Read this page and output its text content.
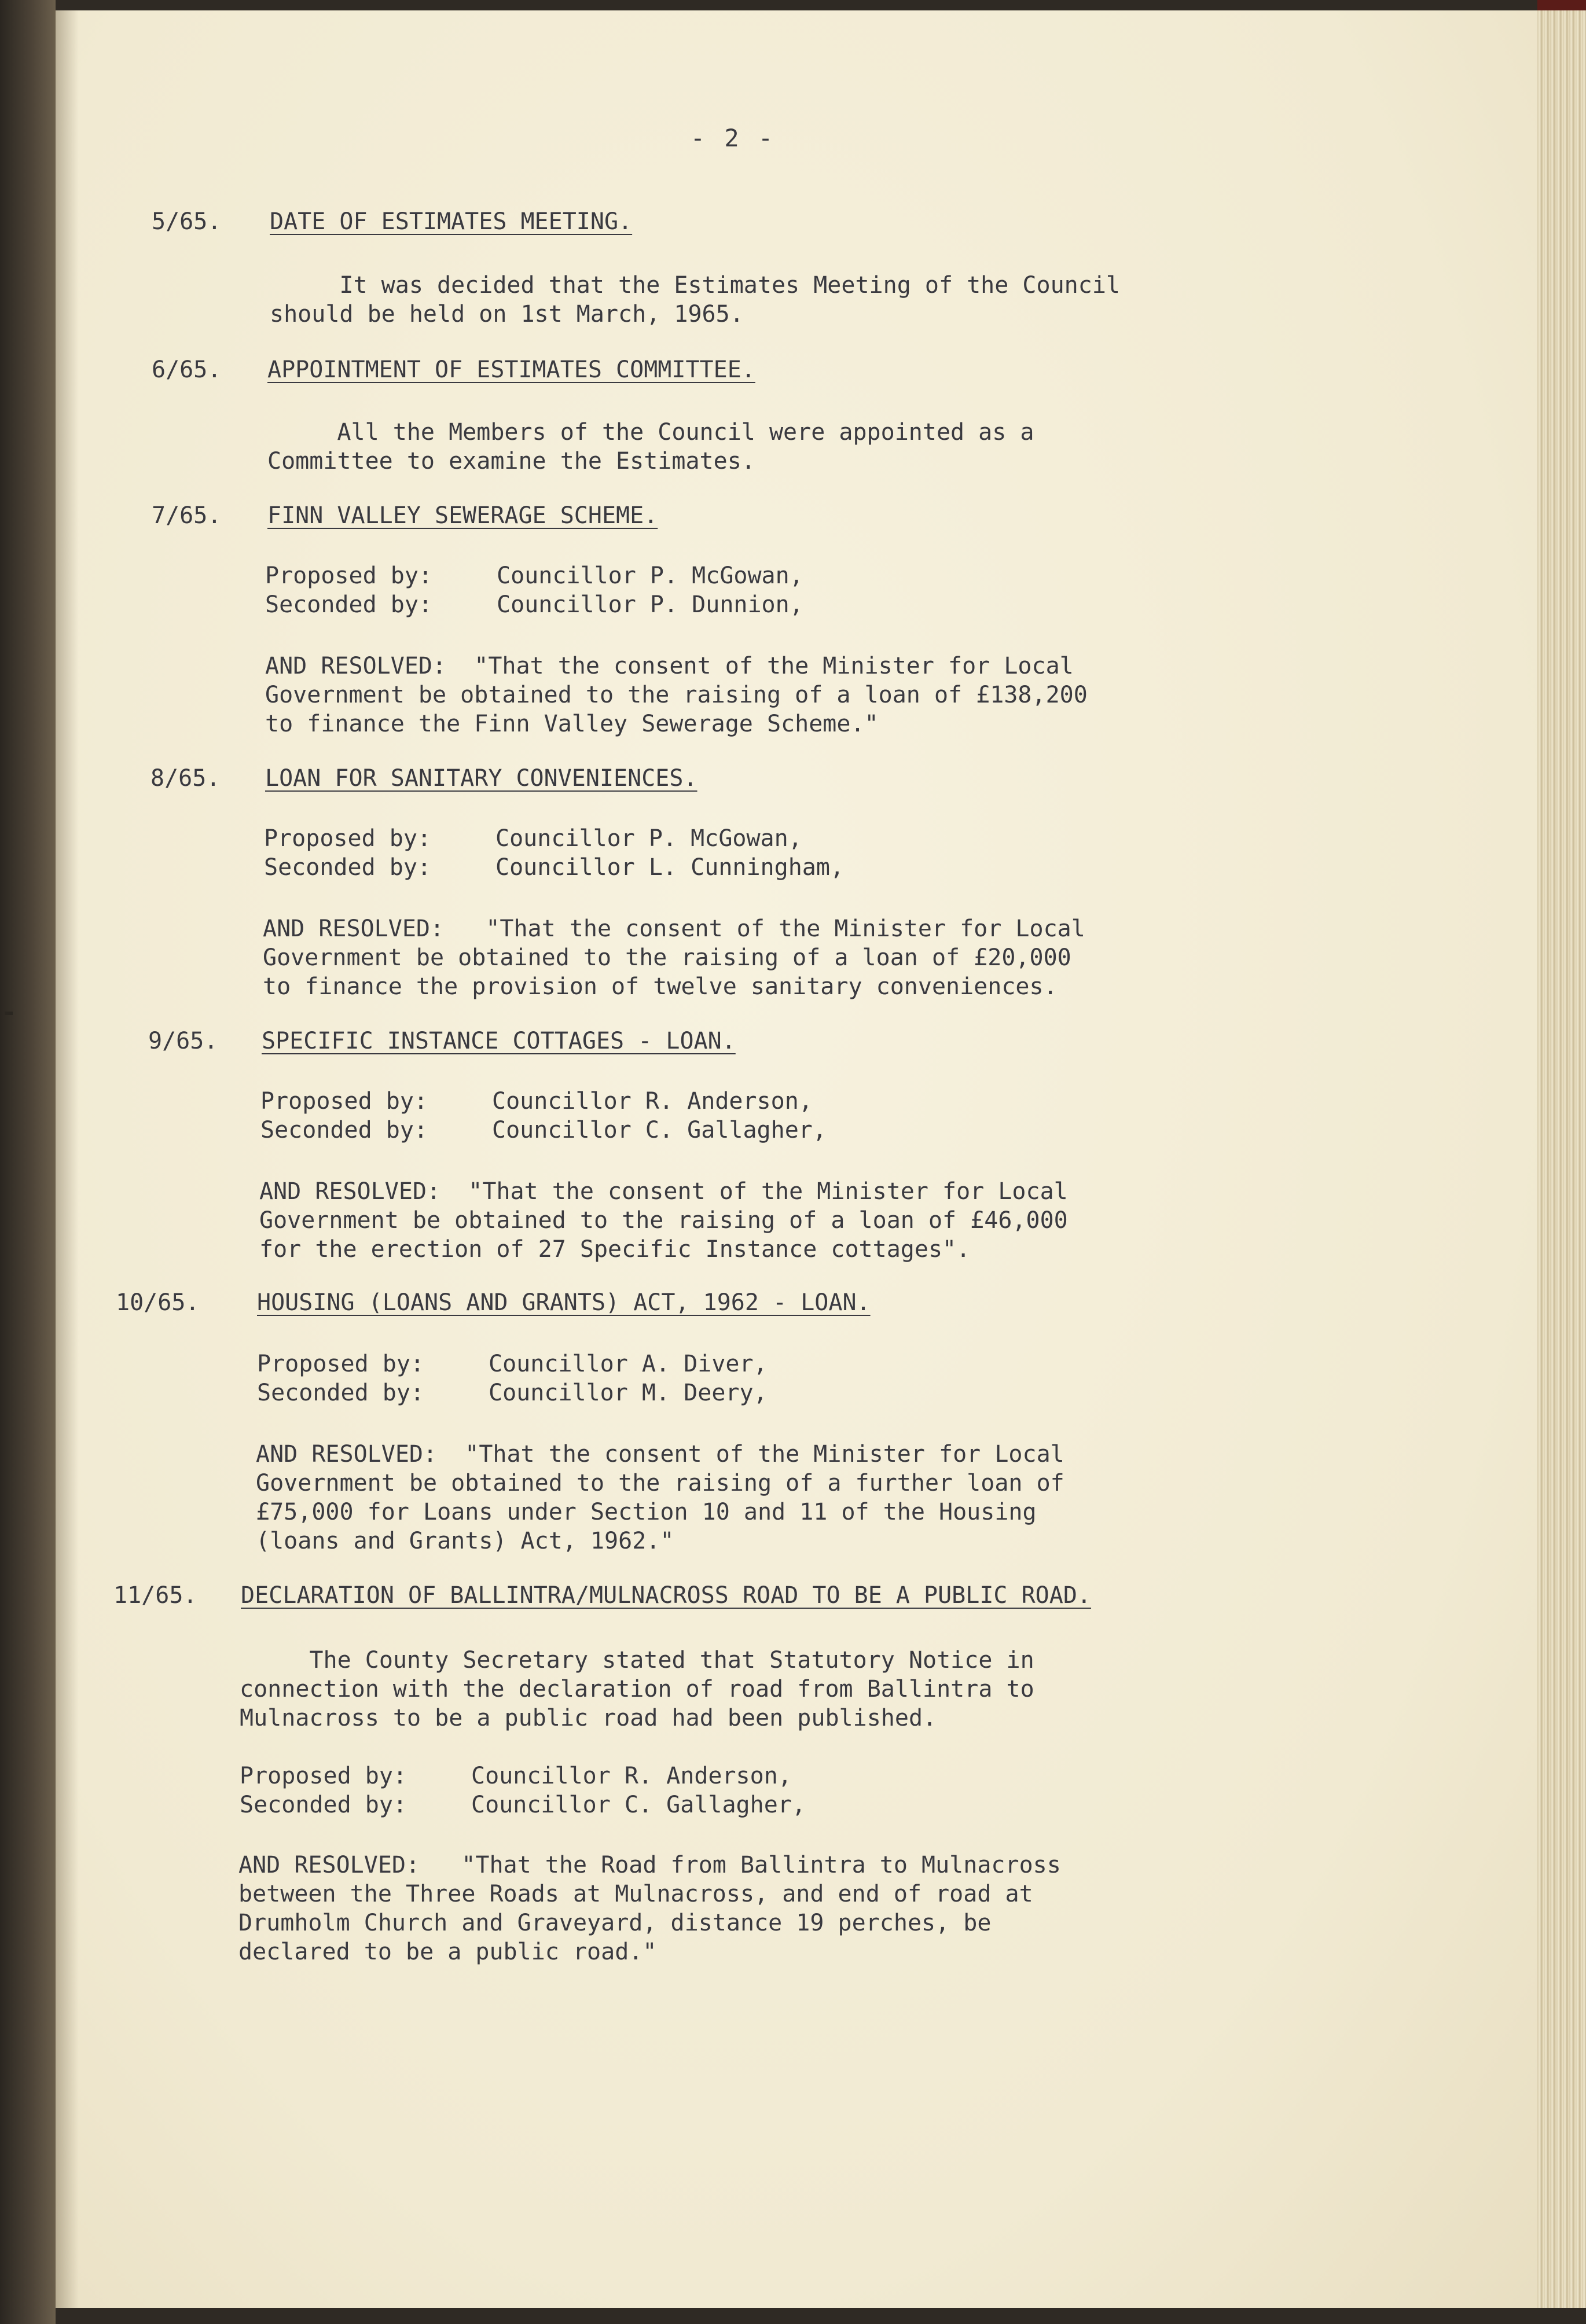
- 2 -
5/65. DATE OF ESTIMATES MEETING.
It was decided that the Estimates Meeting of the Council
should be held on 1st March, 1965.
6/65. APPOINTMENT OF ESTIMATES COMMITTEE.
All the Members of the Council were appointed as a
Committee to examine the Estimates.
7/65. FINN VALLEY SEWERAGE SCHEME.
Proposed by:	Councillor P. McGowan,
Seconded by:	Councillor P. Dunnion,
AND RESOLVED:  "That the consent of the Minister for Local
Government be obtained to the raising of a loan of £138,200
to finance the Finn Valley Sewerage Scheme."
8/65. LOAN FOR SANITARY CONVENIENCES.
Proposed by:	Councillor P. McGowan,
Seconded by:	Councillor L. Cunningham,
AND RESOLVED:   "That the consent of the Minister for Local
Government be obtained to the raising of a loan of £20,000
to finance the provision of twelve sanitary conveniences.
9/65. SPECIFIC INSTANCE COTTAGES - LOAN.
Proposed by:	Councillor R. Anderson,
Seconded by:	Councillor C. Gallagher,
AND RESOLVED:  "That the consent of the Minister for Local
Government be obtained to the raising of a loan of £46,000
for the erection of 27 Specific Instance cottages".
10/65. HOUSING (LOANS AND GRANTS) ACT, 1962 - LOAN.
Proposed by:	Councillor A. Diver,
Seconded by:	Councillor M. Deery,
AND RESOLVED:  "That the consent of the Minister for Local
Government be obtained to the raising of a further loan of
£75,000 for Loans under Section 10 and 11 of the Housing
(loans and Grants) Act, 1962."
11/65. DECLARATION OF BALLINTRA/MULNACROSS ROAD TO BE A PUBLIC ROAD.
The County Secretary stated that Statutory Notice in
connection with the declaration of road from Ballintra to
Mulnacross to be a public road had been published.
Proposed by:	Councillor R. Anderson,
Seconded by:	Councillor C. Gallagher,
AND RESOLVED:   "That the Road from Ballintra to Mulnacross
between the Three Roads at Mulnacross, and end of road at
Drumholm Church and Graveyard, distance 19 perches, be
declared to be a public road."
